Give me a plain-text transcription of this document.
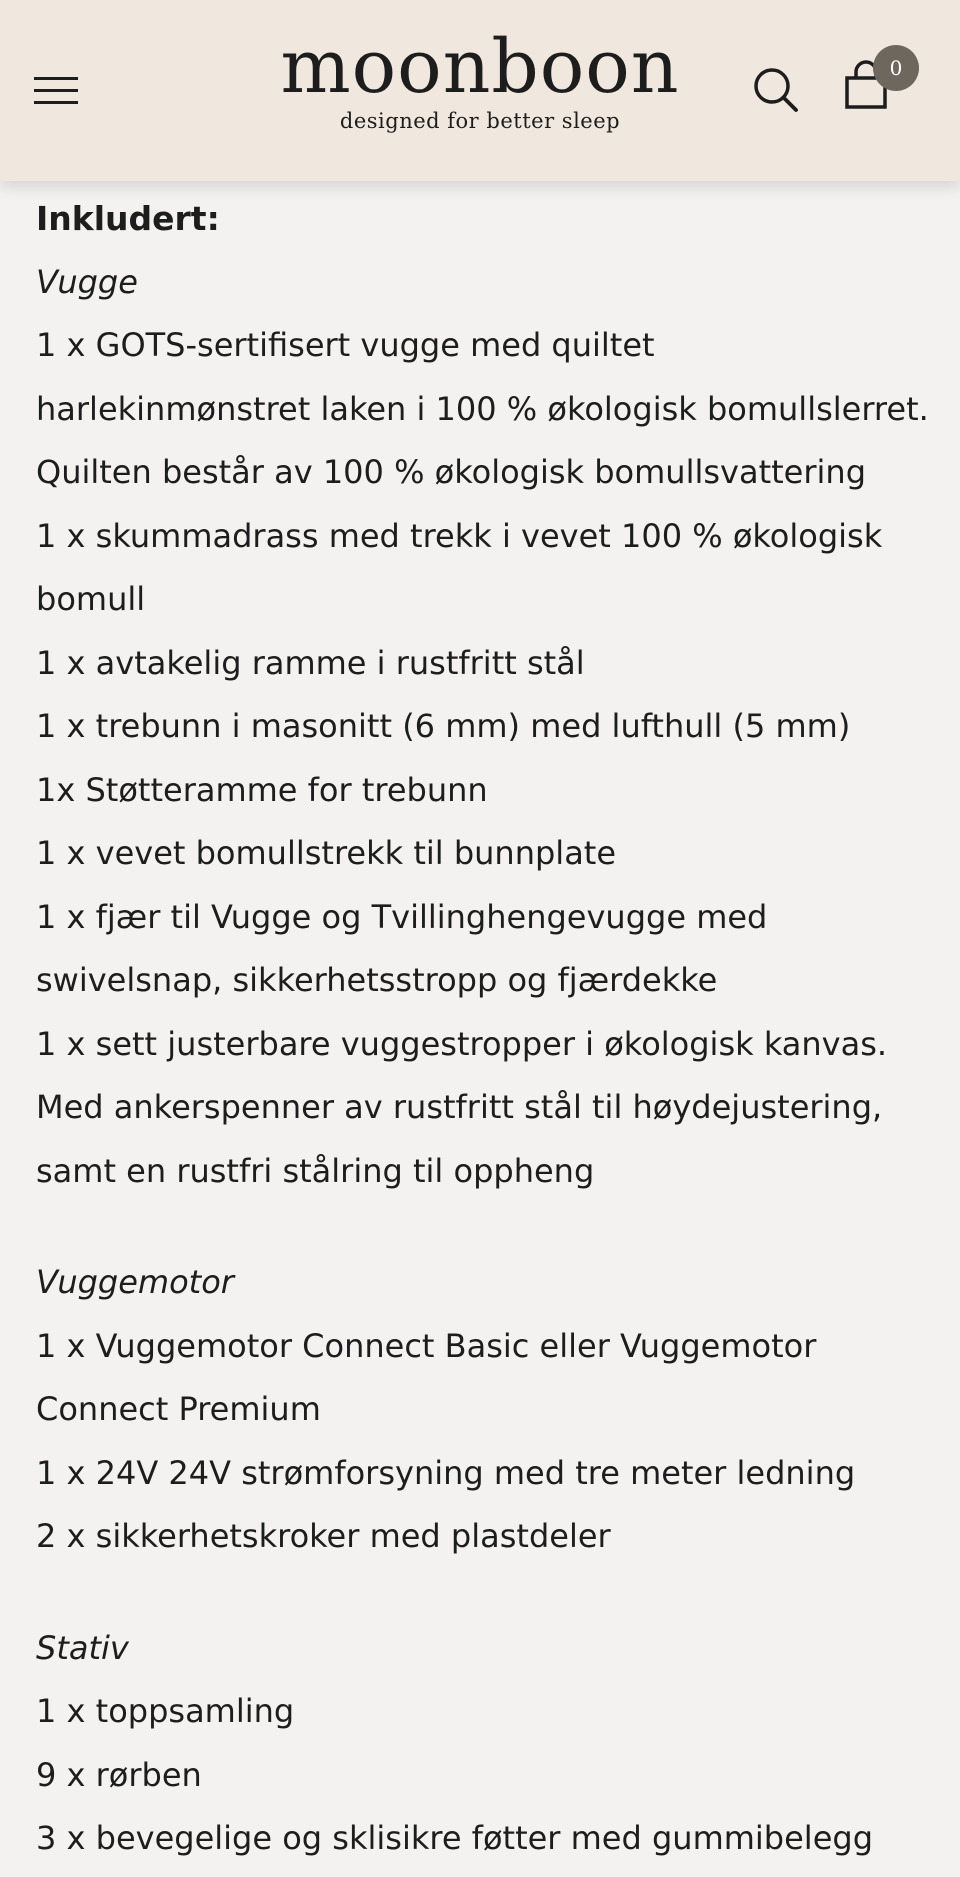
moonboon
designed for better sleep
0

Inkludert:

Vugge

1 x GOTS-sertifisert vugge med quiltet harlekinmønstret laken i 100 % økologisk bomullslerret. Quilten består av 100 % økologisk bomullsvattering

1 x skummadrass med trekk i vevet 100 % økologisk bomull

1 x avtakelig ramme i rustfritt stål

1 x trebunn i masonitt (6 mm) med lufthull (5 mm)

1x Støtteramme for trebunn

1 x vevet bomullstrekk til bunnplate

1 x fjær til Vugge og Tvillinghengevugge med swivelsnap, sikkerhetsstropp og fjærdekke

1 x sett justerbare vuggestropper i økologisk kanvas. Med ankerspenner av rustfritt stål til høydejustering, samt en rustfri stålring til oppheng

Vuggemotor

1 x Vuggemotor Connect Basic eller Vuggemotor Connect Premium

1 x 24V 24V strømforsyning med tre meter ledning

2 x sikkerhetskroker med plastdeler

Stativ

1 x toppsamling

9 x rørben

3 x bevegelige og sklisikre føtter med gummibelegg
